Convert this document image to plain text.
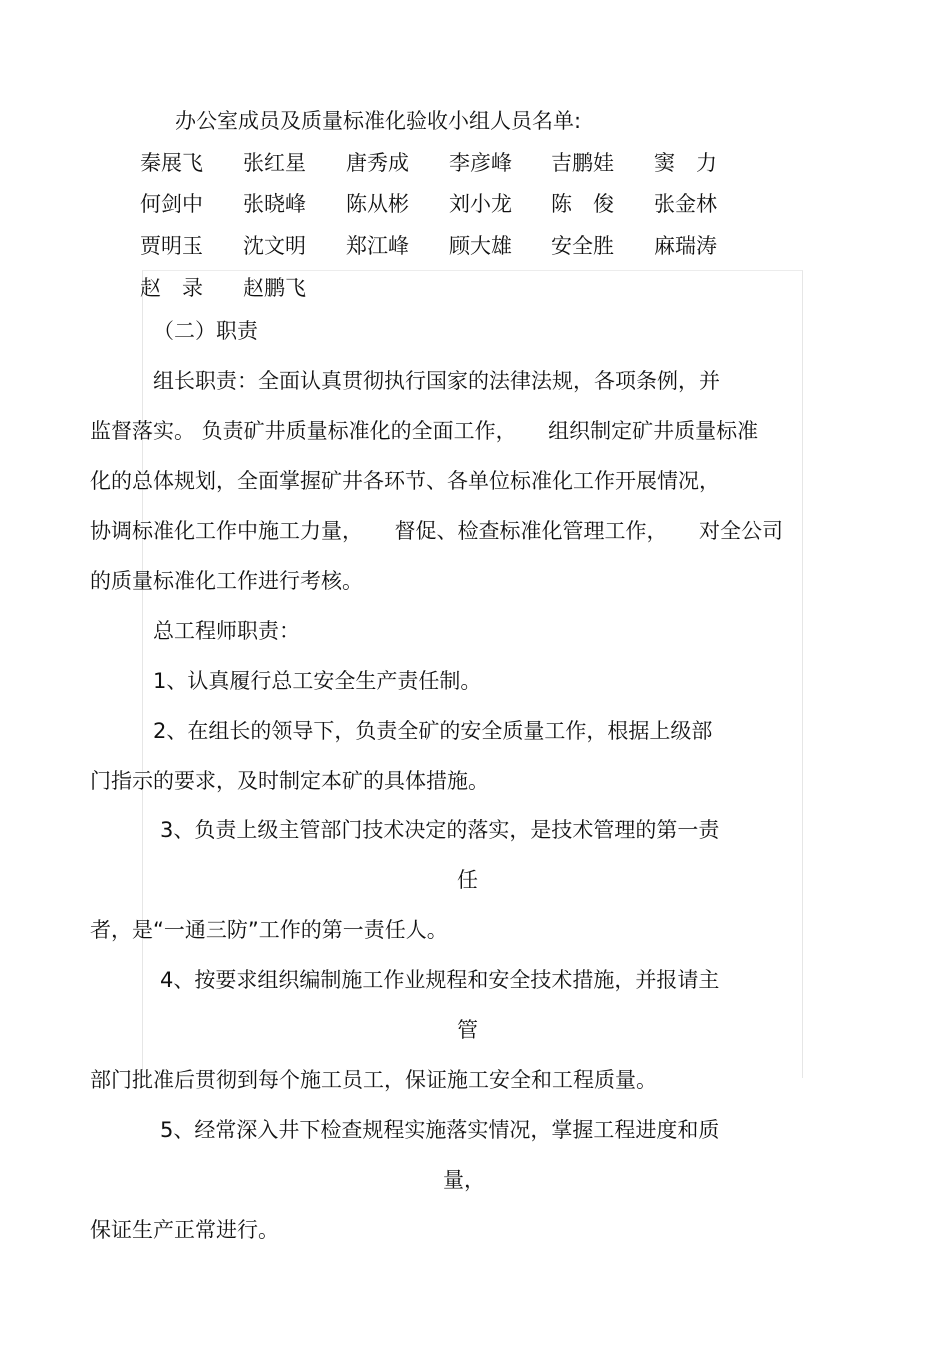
办公室成员及质量标准化验收小组人员名单:
秦展飞 张红星 唐秀成 李彦峰 吉鹏娃 窦　力
何剑中 张晓峰 陈从彬 刘小龙 陈　俊 张金林
贾明玉 沈文明 郑江峰 顾大雄 安全胜 麻瑞涛
赵　录 赵鹏飞
（二）职责
组长职责：全面认真贯彻执行国家的法律法规，各项条例，并
监督落实。 负责矿井质量标准化的全面工作，　　组织制定矿井质量标准
化的总体规划，全面掌握矿井各环节、各单位标准化工作开展情况，
协调标准化工作中施工力量，　　督促、检查标准化管理工作，　　对全公司
的质量标准化工作进行考核。
总工程师职责：
1、认真履行总工安全生产责任制。
2、在组长的领导下，负责全矿的安全质量工作，根据上级部
门指示的要求，及时制定本矿的具体措施。
3、负责上级主管部门技术决定的落实，是技术管理的第一责
任
者，是“一通三防”工作的第一责任人。
4、按要求组织编制施工作业规程和安全技术措施，并报请主
管
部门批准后贯彻到每个施工员工，保证施工安全和工程质量。
5、经常深入井下检查规程实施落实情况，掌握工程进度和质
量，
保证生产正常进行。
